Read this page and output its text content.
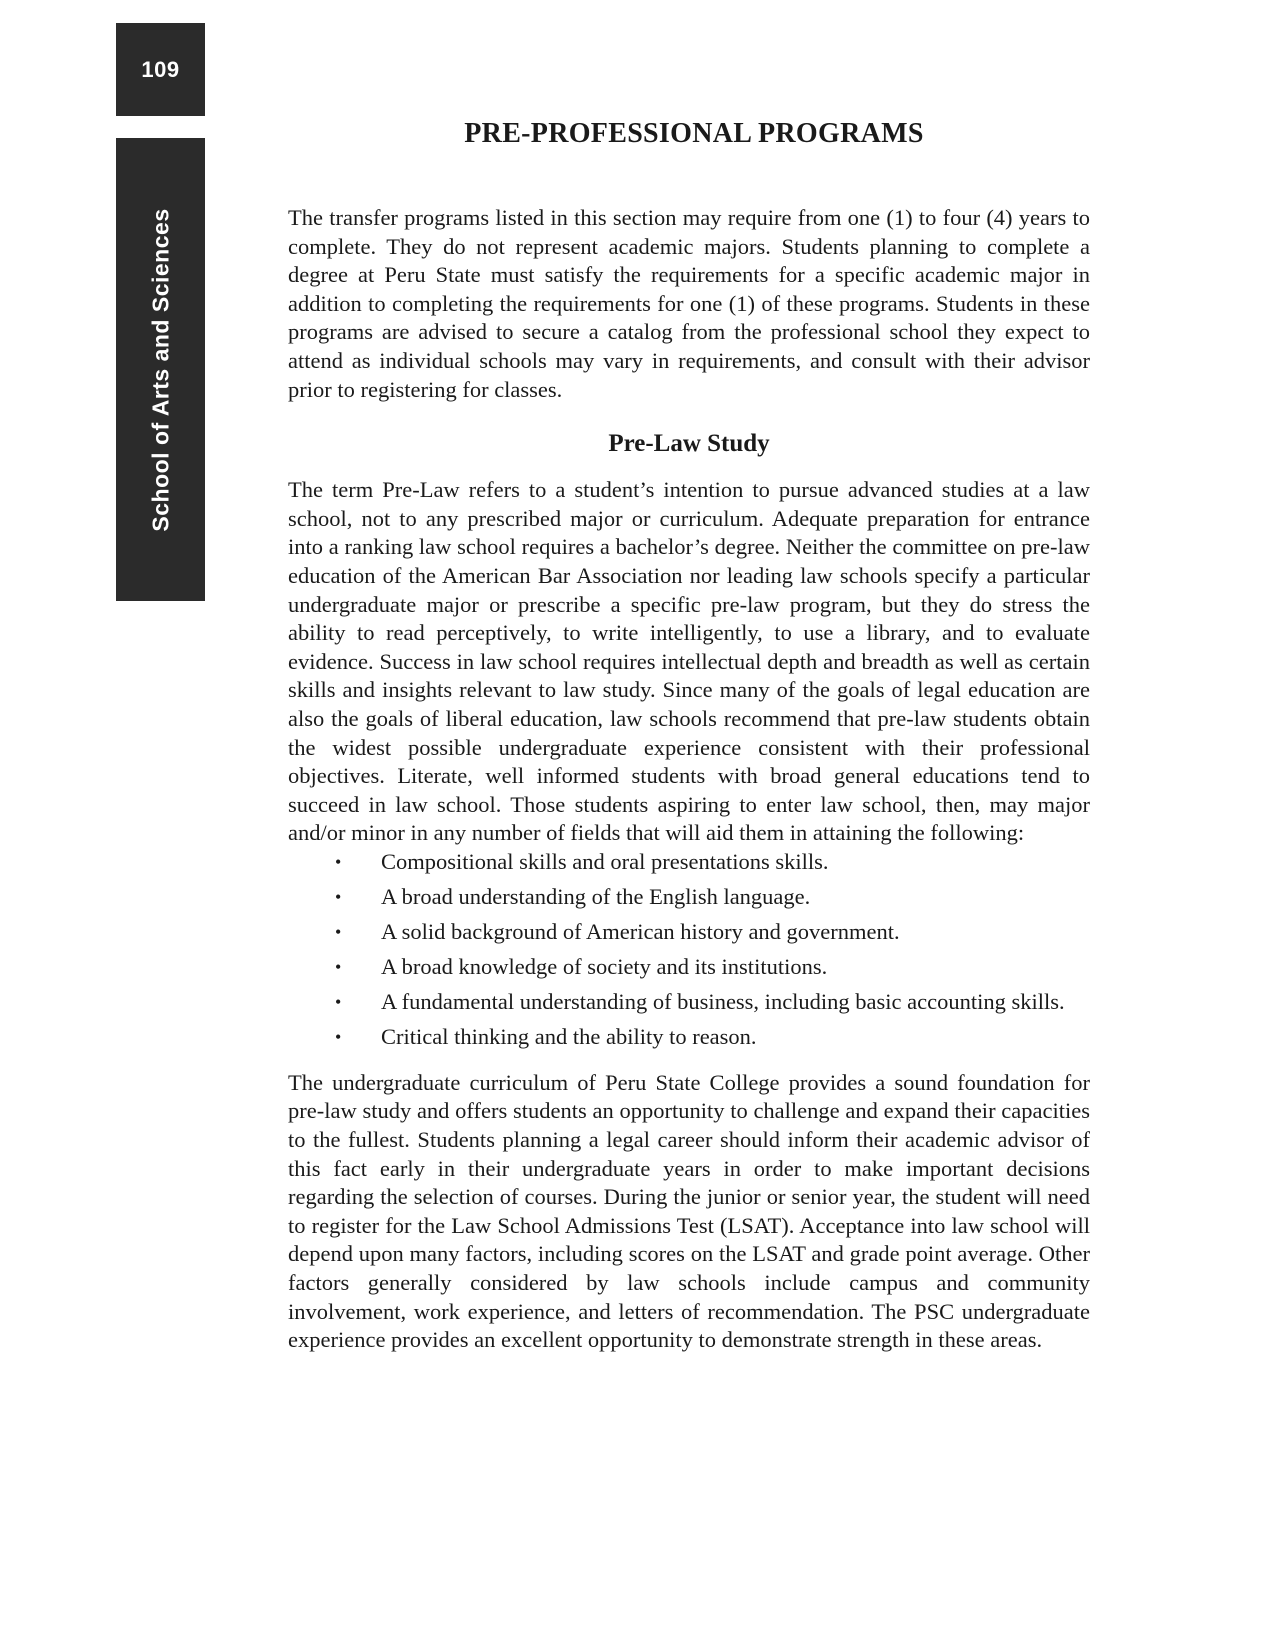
109
School of Arts and Sciences
PRE-PROFESSIONAL PROGRAMS

The transfer programs listed in this section may require from one (1) to four (4) years to complete. They do not represent academic majors. Students planning to complete a degree at Peru State must satisfy the requirements for a specific academic major in addition to completing the requirements for one (1) of these programs. Students in these programs are advised to secure a catalog from the professional school they expect to attend as individual schools may vary in requirements, and consult with their advisor prior to registering for classes.

Pre-Law Study

The term Pre-Law refers to a student’s intention to pursue advanced studies at a law school, not to any prescribed major or curriculum. Adequate preparation for entrance into a ranking law school requires a bachelor’s degree. Neither the committee on pre-law education of the American Bar Association nor leading law schools specify a particular undergraduate major or prescribe a specific pre-law program, but they do stress the ability to read perceptively, to write intelligently, to use a library, and to evaluate evidence. Success in law school requires intellectual depth and breadth as well as certain skills and insights relevant to law study. Since many of the goals of legal education are also the goals of liberal education, law schools recommend that pre-law students obtain the widest possible undergraduate experience consistent with their professional objectives. Literate, well informed students with broad general educations tend to succeed in law school. Those students aspiring to enter law school, then, may major and/or minor in any number of fields that will aid them in attaining the following:

• Compositional skills and oral presentations skills.
• A broad understanding of the English language.
• A solid background of American history and government.
• A broad knowledge of society and its institutions.
• A fundamental understanding of business, including basic accounting skills.
• Critical thinking and the ability to reason.

The undergraduate curriculum of Peru State College provides a sound foundation for pre-law study and offers students an opportunity to challenge and expand their capacities to the fullest. Students planning a legal career should inform their academic advisor of this fact early in their undergraduate years in order to make important decisions regarding the selection of courses. During the junior or senior year, the student will need to register for the Law School Admissions Test (LSAT). Acceptance into law school will depend upon many factors, including scores on the LSAT and grade point average. Other factors generally considered by law schools include campus and community involvement, work experience, and letters of recommendation. The PSC undergraduate experience provides an excellent opportunity to demonstrate strength in these areas.
